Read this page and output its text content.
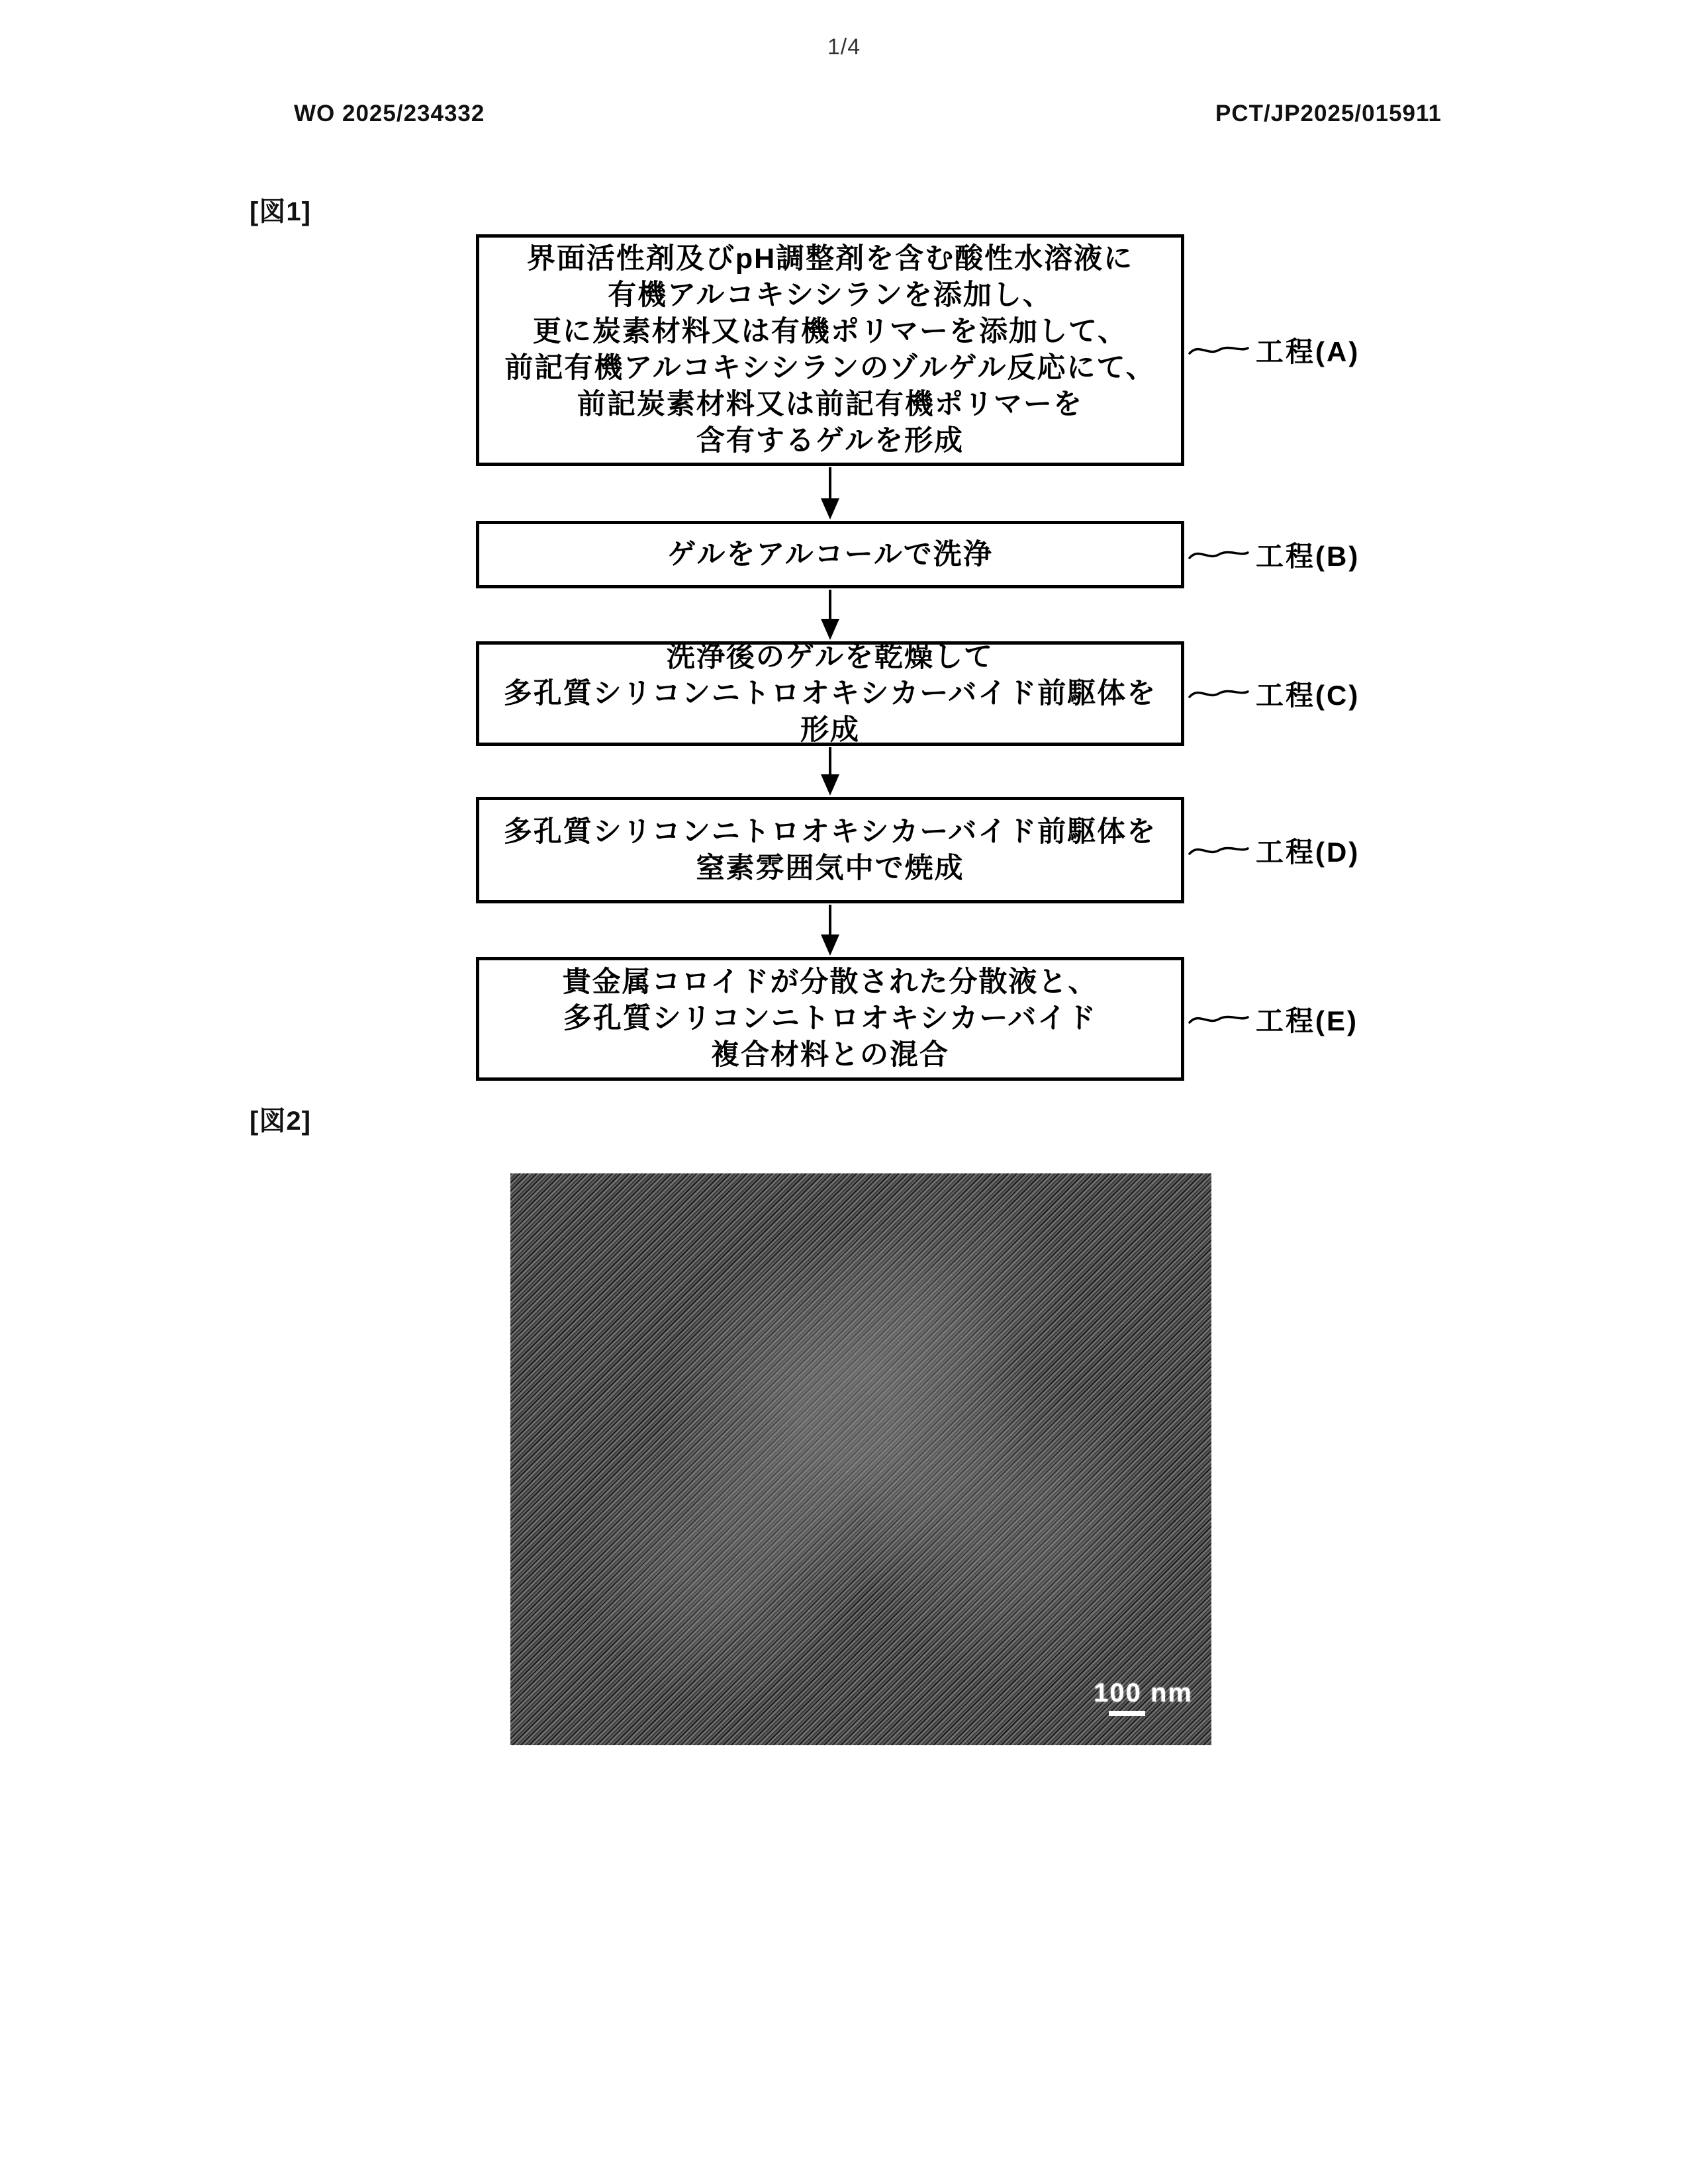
1/4
WO 2025/234332	PCT/JP2025/015911
[図1]
界面活性剤及びpH調整剤を含む酸性水溶液に
有機アルコキシシランを添加し、
更に炭素材料又は有機ポリマーを添加して、
前記有機アルコキシシランのゾルゲル反応にて、
前記炭素材料又は前記有機ポリマーを
含有するゲルを形成
ゲルをアルコールで洗浄
洗浄後のゲルを乾燥して
多孔質シリコンニトロオキシカーバイド前駆体を
形成
多孔質シリコンニトロオキシカーバイド前駆体を
窒素雰囲気中で焼成
貴金属コロイドが分散された分散液と、
多孔質シリコンニトロオキシカーバイド
複合材料との混合
工程(A)
工程(B)
工程(C)
工程(D)
工程(E)
[図2]
100 nm
